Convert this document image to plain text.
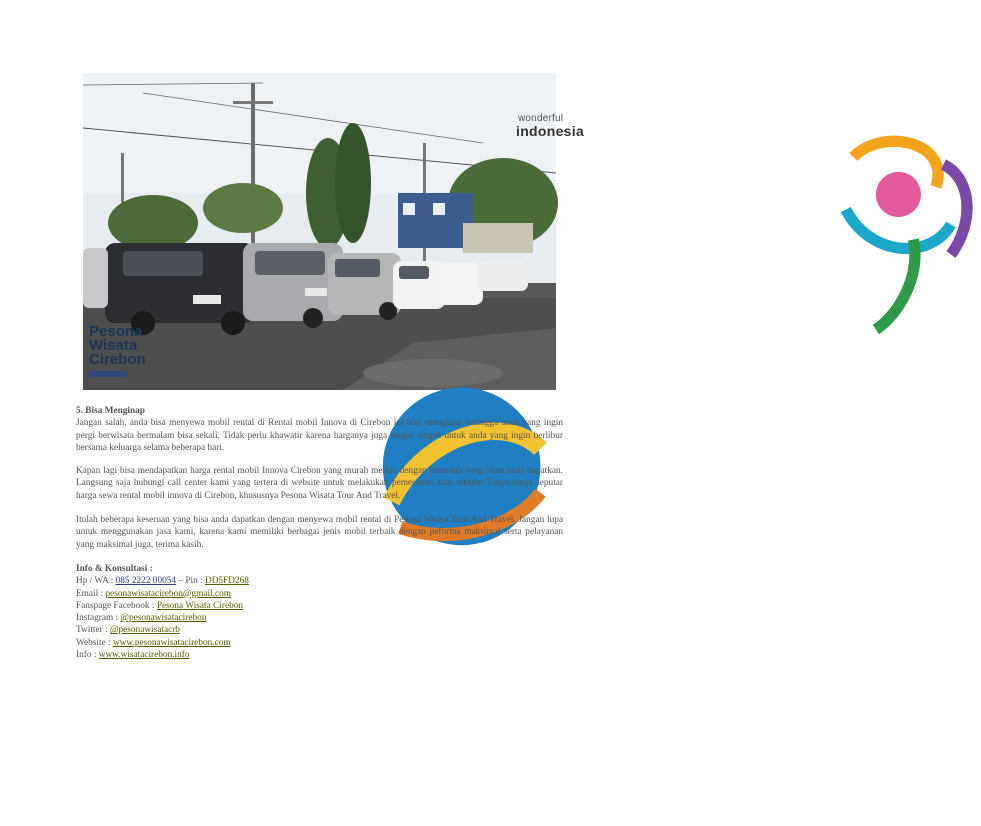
wonderful
indonesia
Pesona
Wisata
Cirebon
5. Bisa Menginap

Jangan salah, anda bisa menyewa mobil rental di Rental mobil Innova di Cirebon ini bisa menginap sehingga anda yang ingin pergi berwisata bermalam bisa sekali. Tidak perlu khawatir karena harganya juga sangat ringan untuk anda yang ingin berlibur bersama keluarga selama beberapa hari.

Kapan lagi bisa mendapatkan harga rental mobil Innova Cirebon yang murah meriah dengan keseruan yang akan anda dapatkan. Langsung saja hubungi call center kami yang tertera di website untuk melakukan pemesanan atau sekedar Tanya-tanya seputar harga sewa rental mobil innova di Cirebon, khususnya Pesona Wisata Tour And Travel.

Itulah beberapa keseruan yang bisa anda dapatkan dengan menyewa mobil rental di Pesona Wisata Tour And Travel. Jangan lupa untuk menggunakan jasa kami, karena kami memiliki berbagai jenis mobil terbaik dengan peforma maksimal serta pelayanan yang maksimal juga, terima kasih.

Info & Konsultasi :
Hp / WA : 085 2222 00054 – Pin : DD5FD268
Email : pesonawisatacirebon@gmail.com
Fanspage Facebook : Pesona Wisata Cirebon
Instagram : @pesonawisatacirebon
Twitter : @pesonawisatacrb
Website : www.pesonawisatacirebon.com
Info : www.wisatacirebon.info
